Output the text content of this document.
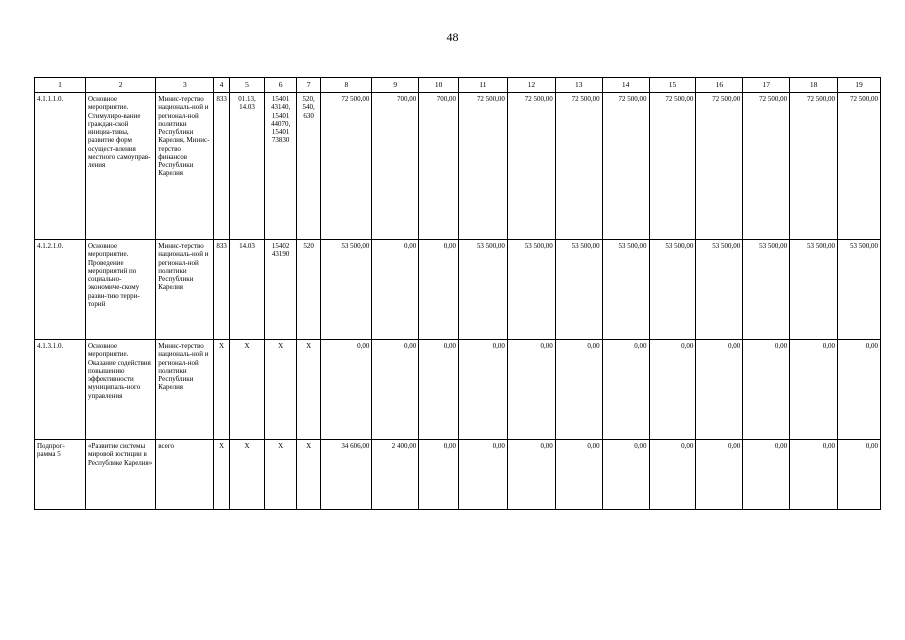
48
1	2	3	4	5	6	7	8	9	10	11	12	13	14	15	16	17	18	19
4.1.1.1.0.	Основное мероприятие. Стимулиро-вание граждан-ской инициа-тивы, развитие форм осущест-вления местного самоуправ-ления	Минис-терство националь-ной и регионал-ной политики Республики Карелия, Минис-терство финансов Республики Карелия	833	01.13, 14.03	15401 43140, 15401 44070, 15401 73830	520, 540, 630	72 500,00	700,00	700,00	72 500,00	72 500,00	72 500,00	72 500,00	72 500,00	72 500,00	72 500,00	72 500,00	72 500,00
4.1.2.1.0.	Основное мероприятие. Проведение мероприятий по социально-экономиче-скому разви-тию терри-торий	Минис-терство националь-ной и регионал-ной политики Республики Карелия	833	14.03	15402 43190	520	53 500,00	0,00	0,00	53 500,00	53 500,00	53 500,00	53 500,00	53 500,00	53 500,00	53 500,00	53 500,00	53 500,00
4.1.3.1.0.	Основное мероприятие. Оказание содействия повышению эффективности муниципаль-ного управления	Минис-терство националь-ной и регионал-ной политики Республики Карелия	Х	Х	Х	Х	0,00	0,00	0,00	0,00	0,00	0,00	0,00	0,00	0,00	0,00	0,00	0,00
Подпрог-рамма 5	«Развитие системы мировой юстиции в Республике Карелия»	всего	Х	Х	Х	Х	34 606,00	2 400,00	0,00	0,00	0,00	0,00	0,00	0,00	0,00	0,00	0,00	0,00
